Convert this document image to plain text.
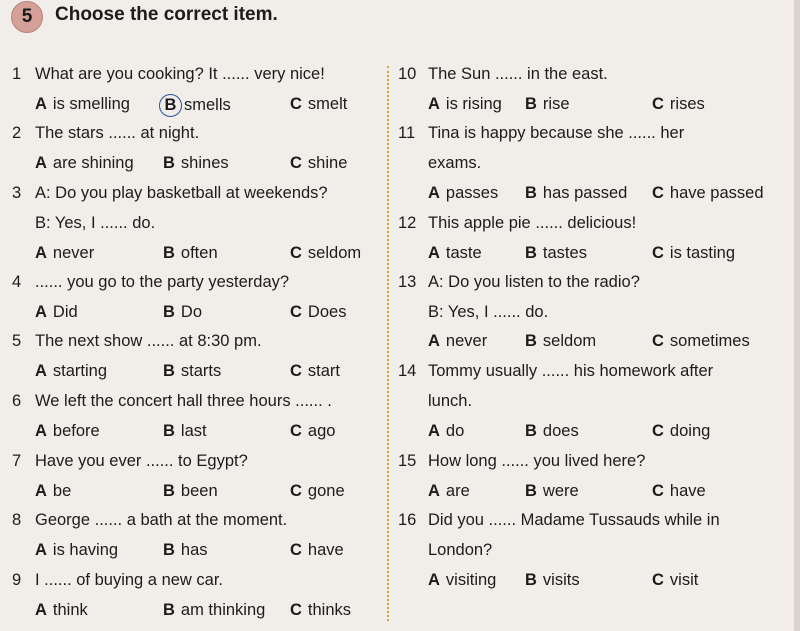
5	Choose the correct item.
1 What are you cooking? It ...... very nice!
A is smelling B smells	C smelt
2 The stars ...... at night.
A are shining B shines	C shine
3 A: Do you play basketball at weekends?
B: Yes, I ...... do.
A never	B often	C seldom
4 ...... you go to the party yesterday?
A Did	B Do	C Does
5 The next show ...... at 8:30 pm.
A starting	B starts	C start
6 We left the concert hall three hours ...... .
A before	B last	C ago
7 Have you ever ...... to Egypt?
A be	B been	C gone
8 George ...... a bath at the moment.
A is having	B has	C have
9 I ...... of buying a new car.
A think	B am thinking C thinks
10 The Sun ...... in the east.
A is rising B rise	C rises
11 Tina is happy because she ...... her
exams.
A passes B has passed C have passed
12 This apple pie ...... delicious!
A taste	B tastes	C is tasting
13 A: Do you listen to the radio?
B: Yes, I ...... do.
A never B seldom	C sometimes
14 Tommy usually ...... his homework after
lunch.
A do	B does	C doing
15 How long ...... you lived here?
A are	B were	C have
16 Did you ...... Madame Tussauds while in
London?
A visiting B visits	C visit
